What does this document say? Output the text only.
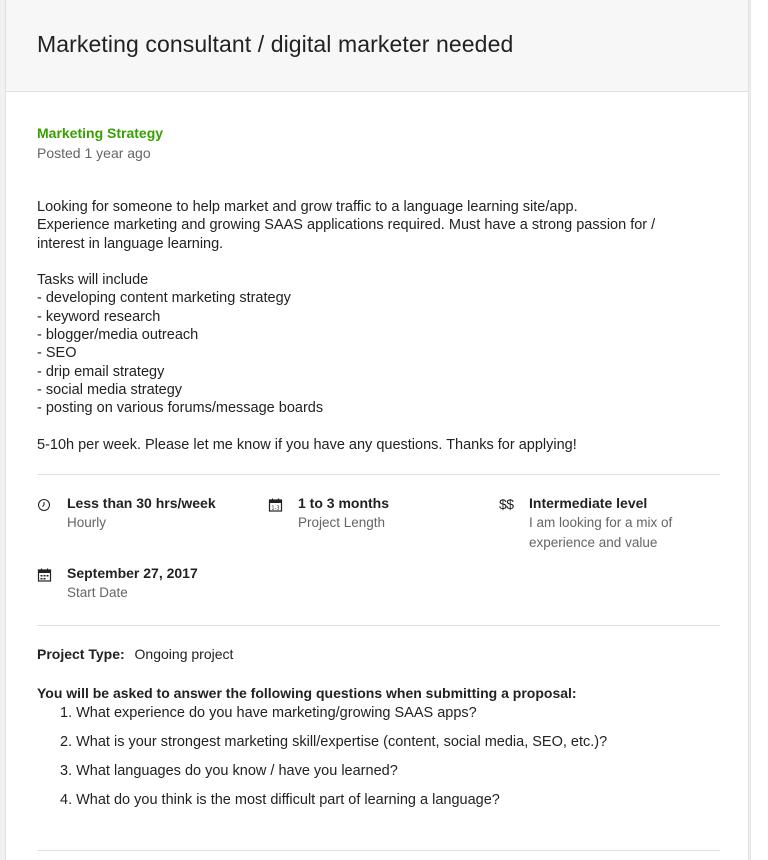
Marketing consultant / digital marketer needed
Marketing Strategy
Posted 1 year ago

Looking for someone to help market and grow traffic to a language learning site/app.

Experience marketing and growing SAAS applications required. Must have a strong passion for /

interest in language learning.

Tasks will include

- developing content marketing strategy

- keyword research

- blogger/media outreach

- SEO

- drip email strategy

- social media strategy

- posting on various forums/message boards

5-10h per week. Please let me know if you have any questions. Thanks for applying!

Less than 30 hrs/week
Hourly
1-3 1 to 3 months
Project Length
$$ Intermediate level
I am looking for a mix of
experience and value
September 27, 2017
Start Date
Project Type: Ongoing project
You will be asked to answer the following questions when submitting a proposal:
1. What experience do you have marketing/growing SAAS apps?
2. What is your strongest marketing skill/expertise (content, social media, SEO, etc.)?
3. What languages do you know / have you learned?
4. What do you think is the most difficult part of learning a language?
